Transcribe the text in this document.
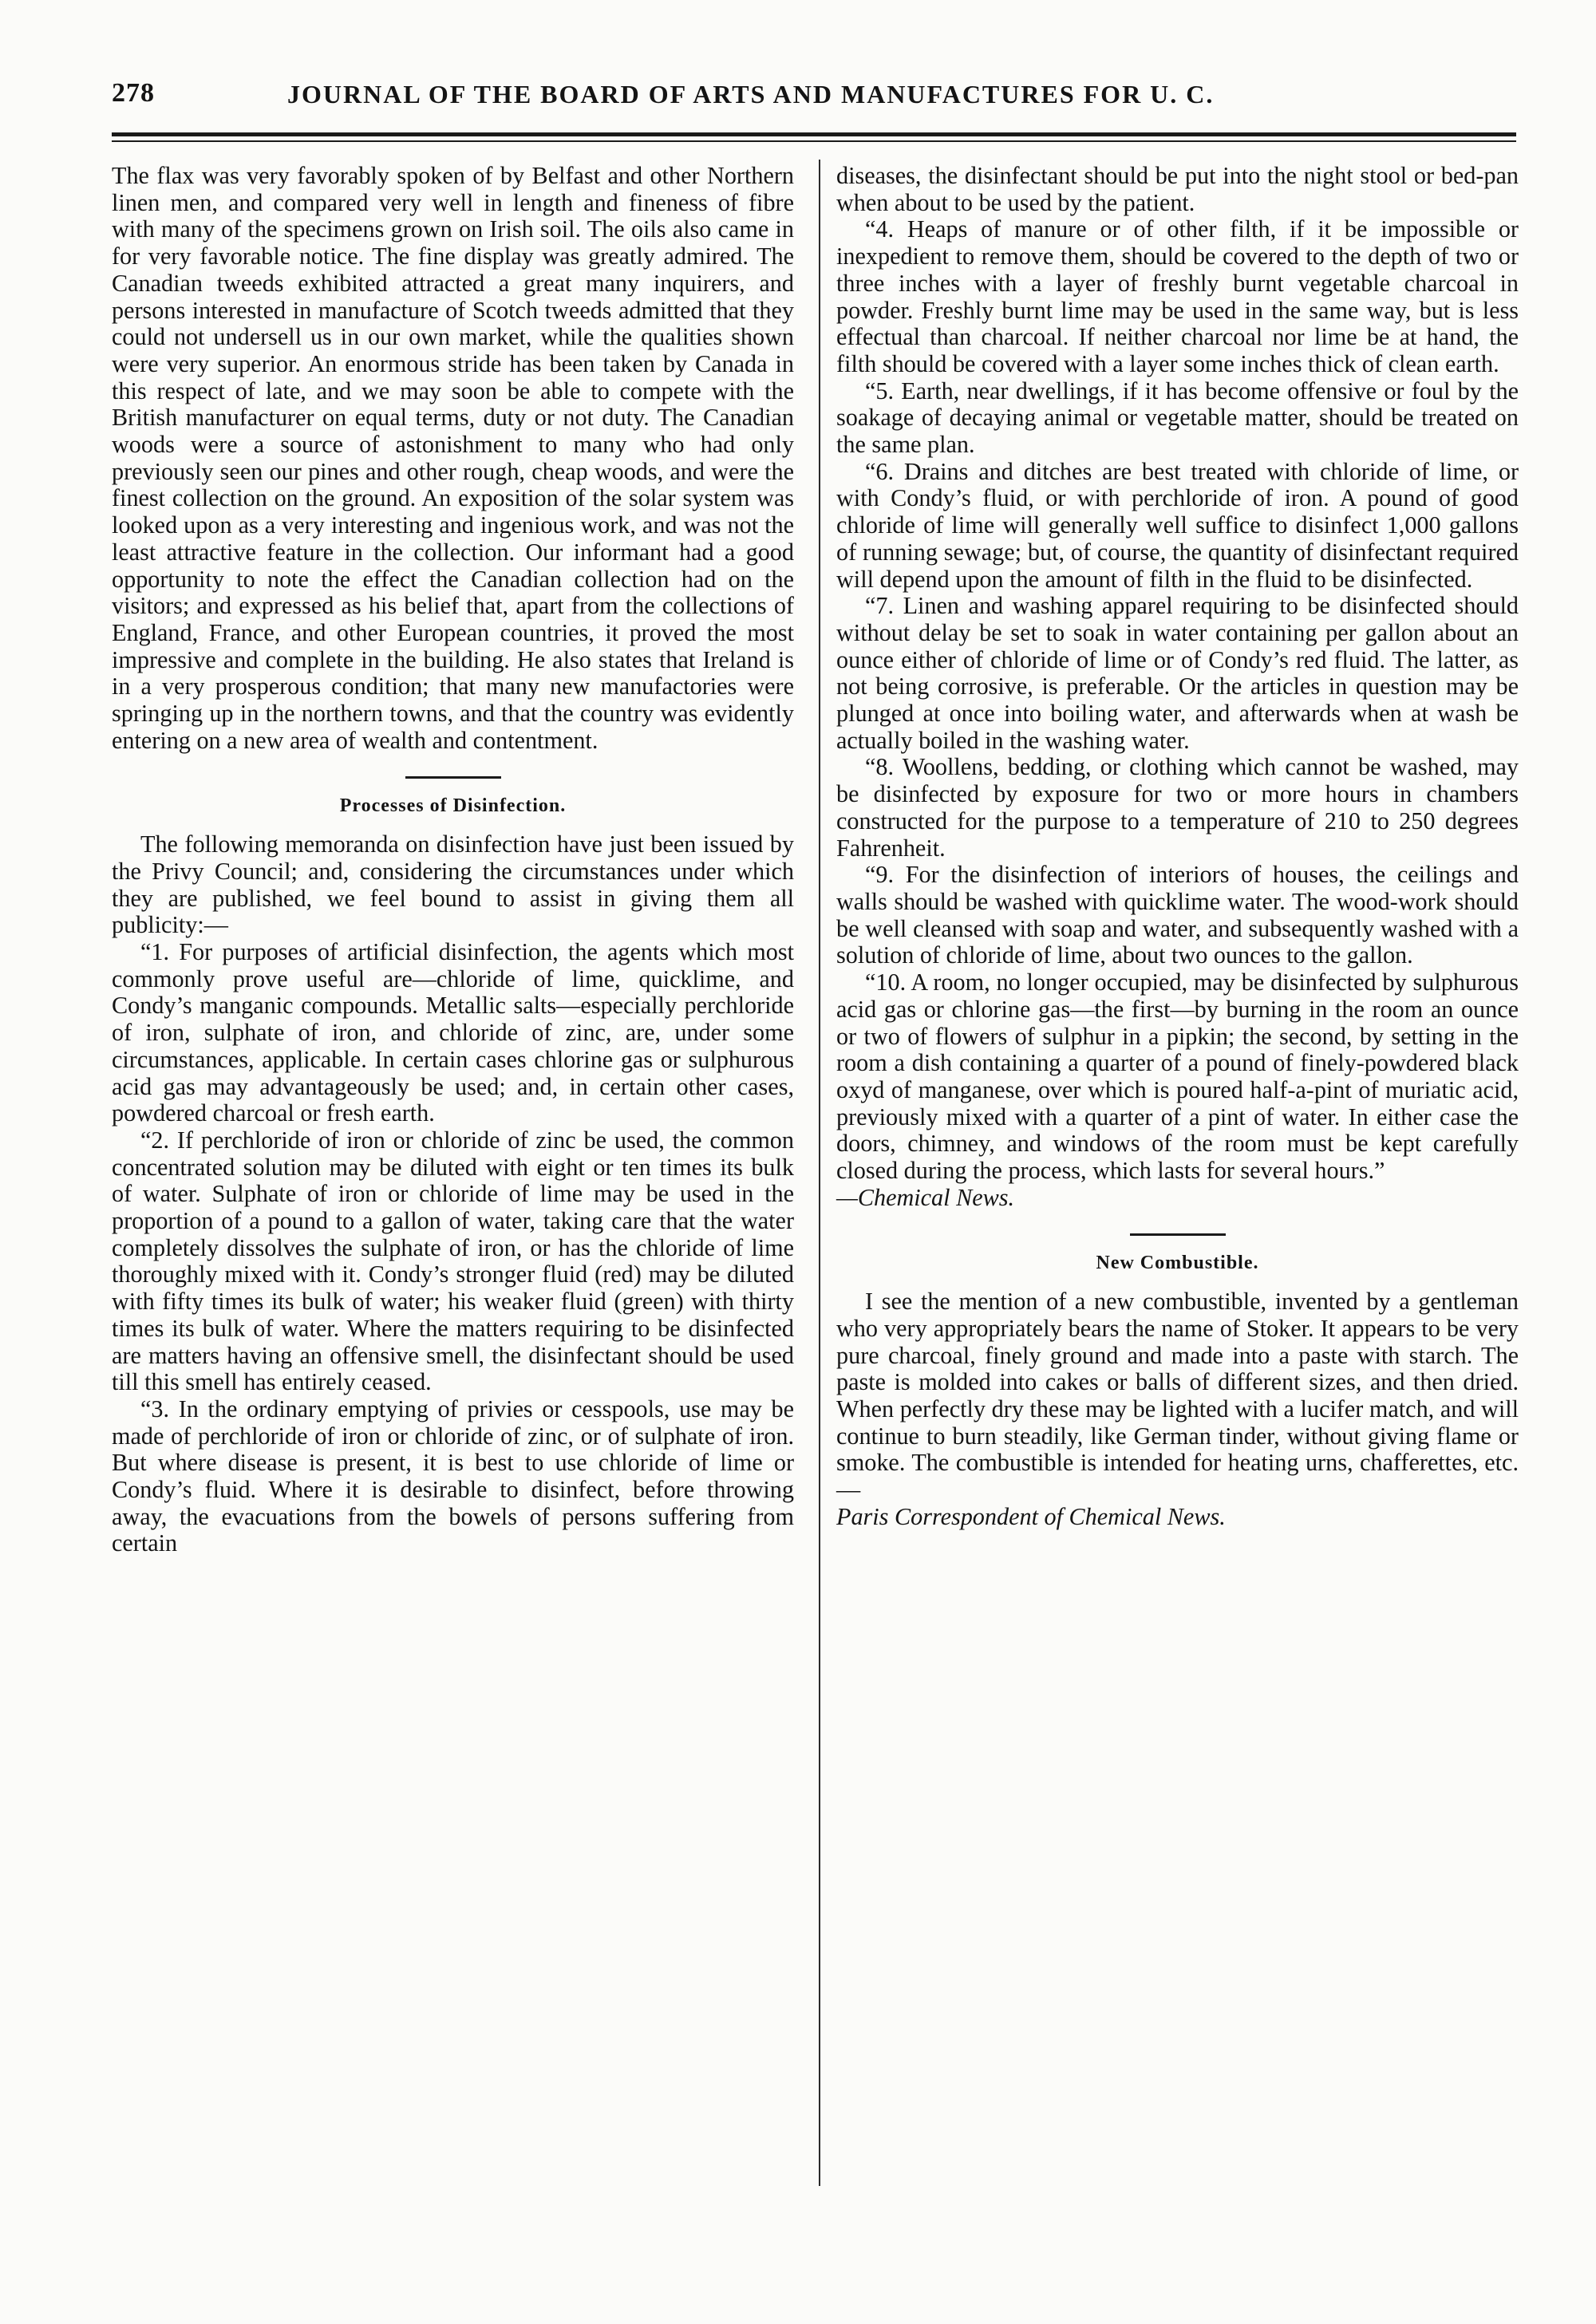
278	JOURNAL OF THE BOARD OF ARTS AND MANUFACTURES FOR U. C.

The flax was very favorably spoken of by Belfast and other Northern linen men, and compared very well in length and fineness of fibre with many of the specimens grown on Irish soil. The oils also came in for very favorable notice. The fine display was greatly admired. The Canadian tweeds exhibited attracted a great many inquirers, and persons interested in manufacture of Scotch tweeds admitted that they could not undersell us in our own market, while the qualities shown were very superior. An enormous stride has been taken by Canada in this respect of late, and we may soon be able to compete with the British manufacturer on equal terms, duty or not duty. The Canadian woods were a source of astonishment to many who had only previously seen our pines and other rough, cheap woods, and were the finest collection on the ground. An exposition of the solar system was looked upon as a very interesting and ingenious work, and was not the least attractive feature in the collection. Our informant had a good opportunity to note the effect the Canadian collection had on the visitors; and expressed as his belief that, apart from the collections of England, France, and other European countries, it proved the most impressive and complete in the building. He also states that Ireland is in a very prosperous condition; that many new manufactories were springing up in the northern towns, and that the country was evidently entering on a new area of wealth and contentment.

Processes of Disinfection.

The following memoranda on disinfection have just been issued by the Privy Council; and, considering the circumstances under which they are published, we feel bound to assist in giving them all publicity:—

“1. For purposes of artificial disinfection, the agents which most commonly prove useful are—chloride of lime, quicklime, and Condy’s manganic compounds. Metallic salts—especially perchloride of iron, sulphate of iron, and chloride of zinc, are, under some circumstances, applicable. In certain cases chlorine gas or sulphurous acid gas may advantageously be used; and, in certain other cases, powdered charcoal or fresh earth.

“2. If perchloride of iron or chloride of zinc be used, the common concentrated solution may be diluted with eight or ten times its bulk of water. Sulphate of iron or chloride of lime may be used in the proportion of a pound to a gallon of water, taking care that the water completely dissolves the sulphate of iron, or has the chloride of lime thoroughly mixed with it. Condy’s stronger fluid (red) may be diluted with fifty times its bulk of water; his weaker fluid (green) with thirty times its bulk of water. Where the matters requiring to be disinfected are matters having an offensive smell, the disinfectant should be used till this smell has entirely ceased.

“3. In the ordinary emptying of privies or cesspools, use may be made of perchloride of iron or chloride of zinc, or of sulphate of iron. But where disease is present, it is best to use chloride of lime or Condy’s fluid. Where it is desirable to disinfect, before throwing away, the evacuations from the bowels of persons suffering from certain

diseases, the disinfectant should be put into the night stool or bed-pan when about to be used by the patient.

“4. Heaps of manure or of other filth, if it be impossible or inexpedient to remove them, should be covered to the depth of two or three inches with a layer of freshly burnt vegetable charcoal in powder. Freshly burnt lime may be used in the same way, but is less effectual than charcoal. If neither charcoal nor lime be at hand, the filth should be covered with a layer some inches thick of clean earth.

“5. Earth, near dwellings, if it has become offensive or foul by the soakage of decaying animal or vegetable matter, should be treated on the same plan.

“6. Drains and ditches are best treated with chloride of lime, or with Condy’s fluid, or with perchloride of iron. A pound of good chloride of lime will generally well suffice to disinfect 1,000 gallons of running sewage; but, of course, the quantity of disinfectant required will depend upon the amount of filth in the fluid to be disinfected.

“7. Linen and washing apparel requiring to be disinfected should without delay be set to soak in water containing per gallon about an ounce either of chloride of lime or of Condy’s red fluid. The latter, as not being corrosive, is preferable. Or the articles in question may be plunged at once into boiling water, and afterwards when at wash be actually boiled in the washing water.

“8. Woollens, bedding, or clothing which cannot be washed, may be disinfected by exposure for two or more hours in chambers constructed for the purpose to a temperature of 210 to 250 degrees Fahrenheit.

“9. For the disinfection of interiors of houses, the ceilings and walls should be washed with quicklime water. The wood-work should be well cleansed with soap and water, and subsequently washed with a solution of chloride of lime, about two ounces to the gallon.

“10. A room, no longer occupied, may be disinfected by sulphurous acid gas or chlorine gas—the first—by burning in the room an ounce or two of flowers of sulphur in a pipkin; the second, by setting in the room a dish containing a quarter of a pound of finely-powdered black oxyd of manganese, over which is poured half-a-pint of muriatic acid, previously mixed with a quarter of a pint of water. In either case the doors, chimney, and windows of the room must be kept carefully closed during the process, which lasts for several hours.”

—Chemical News.

New Combustible.

I see the mention of a new combustible, invented by a gentleman who very appropriately bears the name of Stoker. It appears to be very pure charcoal, finely ground and made into a paste with starch. The paste is molded into cakes or balls of different sizes, and then dried. When perfectly dry these may be lighted with a lucifer match, and will continue to burn steadily, like German tinder, without giving flame or smoke. The combustible is intended for heating urns, chafferettes, etc.—

Paris Correspondent of Chemical News.
